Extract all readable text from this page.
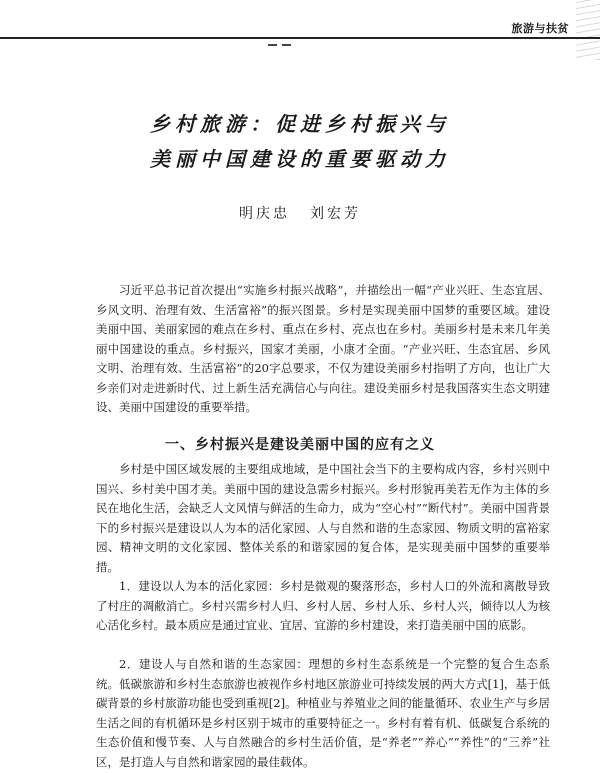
旅游与扶贫
乡村旅游：促进乡村振兴与
美丽中国建设的重要驱动力
明庆忠 刘宏芳

习近平总书记首次提出“实施乡村振兴战略”，并描绘出一幅“产业兴旺、生态宜居、乡风文明、治理有效、生活富裕”的振兴图景。乡村是实现美丽中国梦的重要区域。建设美丽中国、美丽家园的难点在乡村、重点在乡村、亮点也在乡村。美丽乡村是未来几年美丽中国建设的重点。乡村振兴，国家才美丽，小康才全面。“产业兴旺、生态宜居、乡风文明、治理有效、生活富裕”的20字总要求，不仅为建设美丽乡村指明了方向，也让广大乡亲们对走进新时代、过上新生活充满信心与向往。建设美丽乡村是我国落实生态文明建设、美丽中国建设的重要举措。

一、乡村振兴是建设美丽中国的应有之义

乡村是中国区域发展的主要组成地域，是中国社会当下的主要构成内容，乡村兴则中国兴、乡村美中国才美。美丽中国的建设急需乡村振兴。乡村形貌再美若无作为主体的乡民在地化生活，会缺乏人文风情与鲜活的生命力，成为“空心村”“断代村”。美丽中国背景下的乡村振兴是建设以人为本的活化家园、人与自然和谐的生态家园、物质文明的富裕家园、精神文明的文化家园、整体关系的和谐家园的复合体，是实现美丽中国梦的重要举措。

1．建设以人为本的活化家园：乡村是微观的聚落形态，乡村人口的外流和离散导致了村庄的凋敝消亡。乡村兴需乡村人归、乡村人居、乡村人乐、乡村人兴，倾待以人为核心活化乡村。最本质应是通过宜业、宜居、宜游的乡村建设，来打造美丽中国的底影。

2．建设人与自然和谐的生态家园：理想的乡村生态系统是一个完整的复合生态系统。低碳旅游和乡村生态旅游也被视作乡村地区旅游业可持续发展的两大方式[1]，基于低碳背景的乡村旅游功能也受到重视[2]。种植业与养殖业之间的能量循环、农业生产与乡居生活之间的有机循环是乡村区别于城市的重要特征之一。乡村有着有机、低碳复合系统的生态价值和慢节奏、人与自然融合的乡村生活价值，是“养老”“养心”“养性”的“三养”社区，是打造人与自然和谐家园的最佳载体。
